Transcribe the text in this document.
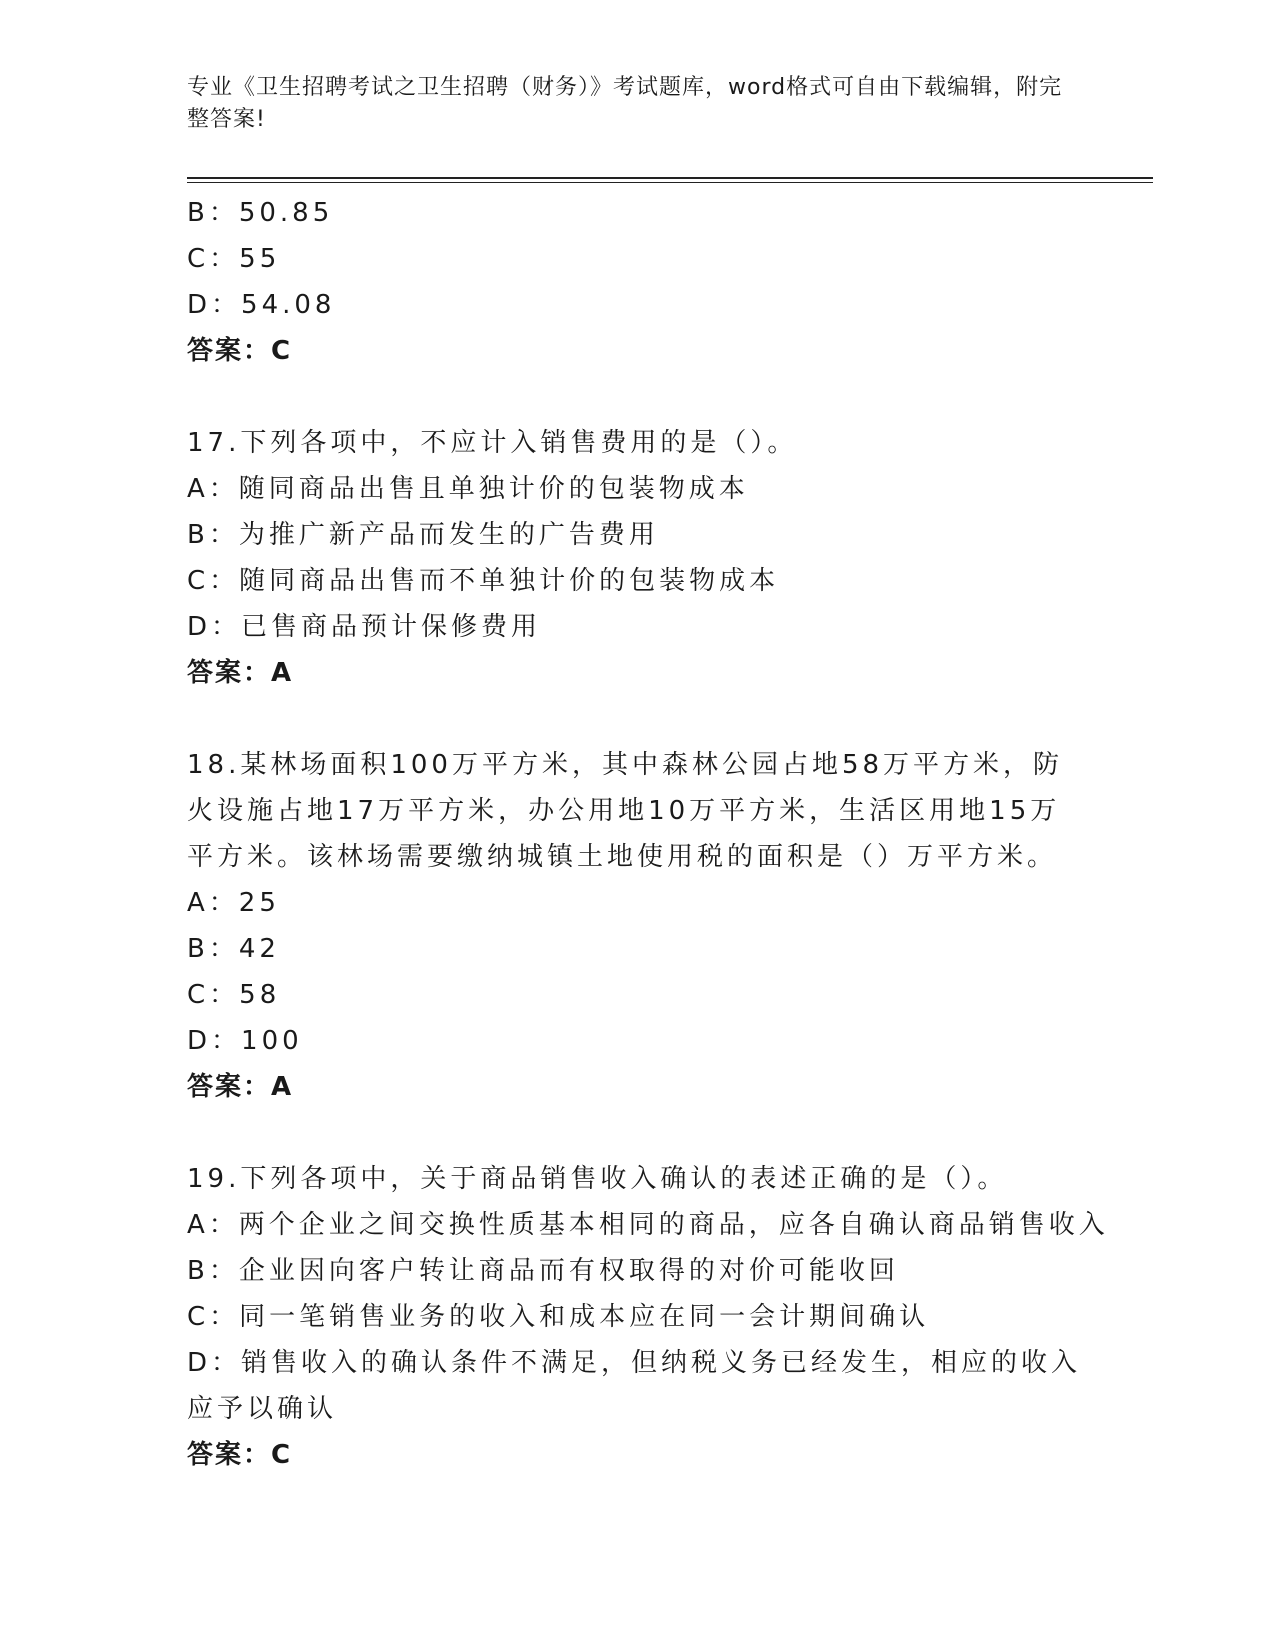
专业《卫生招聘考试之卫生招聘（财务）》考试题库，word格式可自由下载编辑，附完整答案!
B：50.85
C：55
D：54.08
答案：C
17.下列各项中，不应计入销售费用的是（）。
A：随同商品出售且单独计价的包装物成本
B：为推广新产品而发生的广告费用
C：随同商品出售而不单独计价的包装物成本
D：已售商品预计保修费用
答案：A
18.某林场面积100万平方米，其中森林公园占地58万平方米，防火设施占地17万平方米，办公用地10万平方米，生活区用地15万平方米。该林场需要缴纳城镇土地使用税的面积是（）万平方米。
A：25
B：42
C：58
D：100
答案：A
19.下列各项中，关于商品销售收入确认的表述正确的是（）。
A：两个企业之间交换性质基本相同的商品，应各自确认商品销售收入
B：企业因向客户转让商品而有权取得的对价可能收回
C：同一笔销售业务的收入和成本应在同一会计期间确认
D：销售收入的确认条件不满足，但纳税义务已经发生，相应的收入应予以确认
答案：C
